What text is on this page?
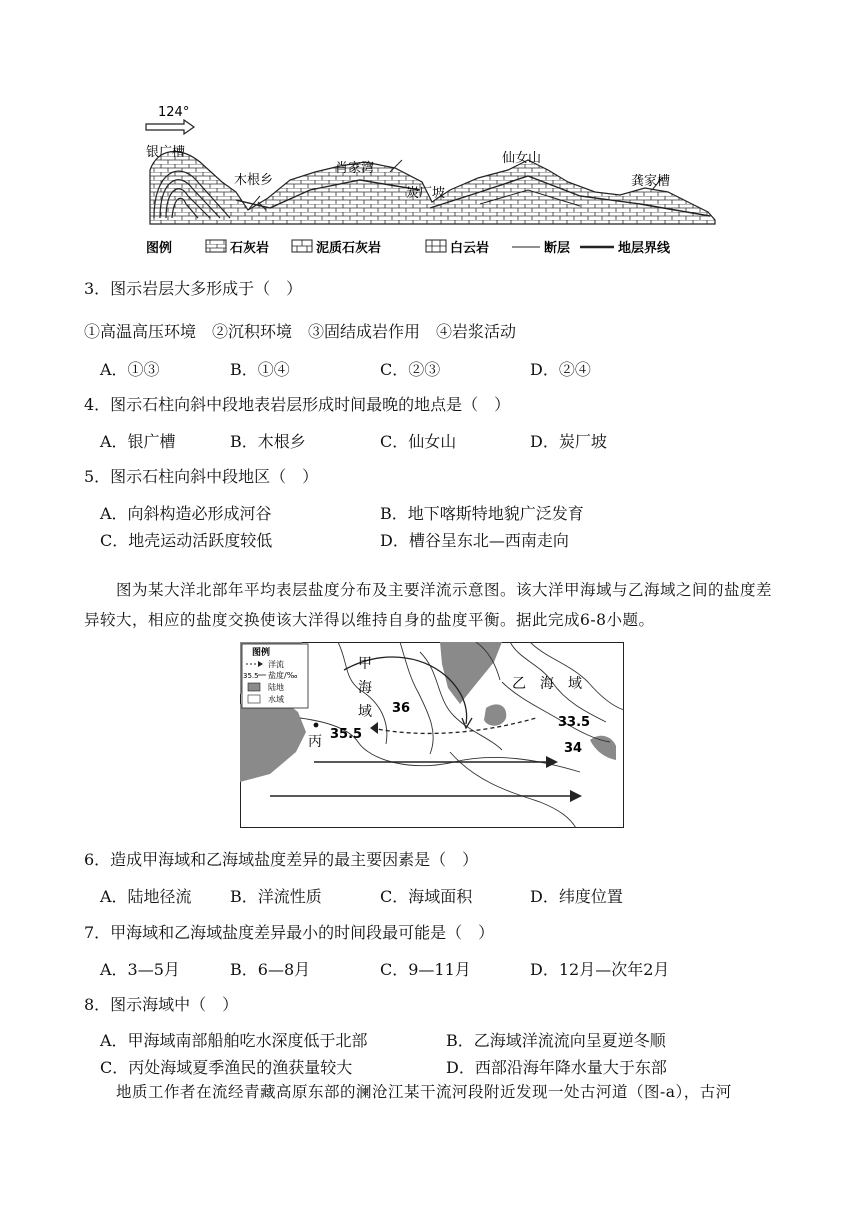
124°
银广槽
木根乡
肖家湾
炭厂坡
仙女山
龚家槽
图例	石灰岩	泥质石灰岩	白云岩	断层	地层界线
3．图示岩层大多形成于（　）
①高温高压环境　②沉积环境　③固结成岩作用　④岩浆活动
A．①③	B．①④	C．②③	D．②④
4．图示石柱向斜中段地表岩层形成时间最晚的地点是（　）
A．银广槽	B．木根乡	C．仙女山	D．炭厂坡
5．图示石柱向斜中段地区（　）
A．向斜构造必形成河谷	B．地下喀斯特地貌广泛发育
C．地壳运动活跃度较低	D．槽谷呈东北—西南走向
图为某大洋北部年平均表层盐度分布及主要洋流示意图。该大洋甲海域与乙海域之间的盐度差异较大，相应的盐度交换使该大洋得以维持自身的盐度平衡。据此完成6-8小题。
图例
洋流
35.5 盐度/‰
陆地
水域
甲
海
域
乙　海　域
丙
36
35.5
33.5
34
6．造成甲海域和乙海域盐度差异的最主要因素是（　）
A．陆地径流 B．洋流性质	C．海域面积	D．纬度位置
7．甲海域和乙海域盐度差异最小的时间段最可能是（　）
A．3—5月	B．6—8月	C．9—11月	D．12月—次年2月
8．图示海域中（　）
A．甲海域南部船舶吃水深度低于北部	B．乙海域洋流流向呈夏逆冬顺
C．丙处海域夏季渔民的渔获量较大	D．西部沿海年降水量大于东部
地质工作者在流经青藏高原东部的澜沧江某干流河段附近发现一处古河道（图-a），古河
